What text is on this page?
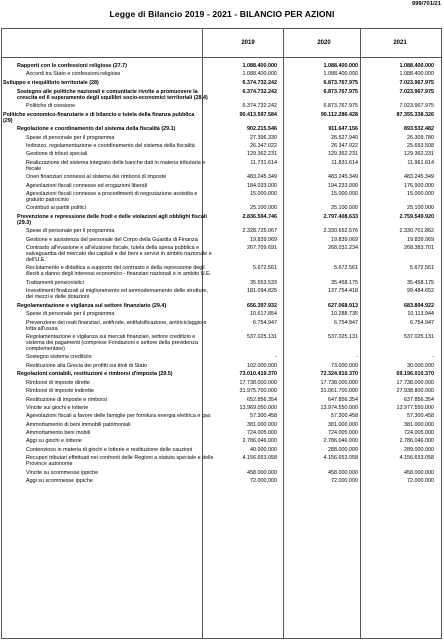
999/701/21
Legge di Bilancio 2019 - 2021 - BILANCIO PER AZIONI
2019	2020	2021
Rapporti con le confessioni religiose (27.7)	1.088.400.000	1.088.400.000	1.088.400.000
Accordi tra Stato e confessioni religiose	1.088.400.000	1.088.400.000	1.088.400.000
Sviluppo e riequilibrio territoriale (28)	6.374.732.242	6.873.767.975	7.023.967.975
Sostegno alle politiche nazionali e comunitarie rivolte a promuovere la crescita ed il superamento degli squilibri socio-economici territoriali (28.4)
6.374.732.242	6.873.767.975	7.023.967.975
Politiche di coesione	6.374.732.242	6.873.767.975	7.023.967.975
Politiche economico-finanziarie e di bilancio e tutela della finanza pubblica (29)
90.413.597.584	90.112.286.428	87.355.338.326
Regolazione e coordinamento del sistema della fiscalità (29.1)	902.215.546	911.647.156	893.532.482
Spese di personale per il programma	27.396.330	26.527.940	26.309.780
Indirizzo, regolamentazione e coordinamento del sistema della fiscalità	26.347.022	26.347.022	25.653.508
Gestione di tributi speciali	129.362.231	129.362.231	129.362.231
Realizzazione del sistema integrato delle banche dati in materia tributaria e fiscale
11.731.614	11.831.614	11.961.614
Oneri finanziari connessi al sistema dei rimborsi di imposte	483.245.349	483.245.349	483.245.349
Agevolazioni fiscali connesse ed erogazioni liberali	184.033.000	194.233.000	176.900.000
Agevolazioni fiscali connesse a procedimenti di negoziazione assistita e gratuito patrocinio
15.000.000	15.000.000	15.000.000
Contributi ai partiti politici	25.100.000	25.100.000	25.100.000
Prevenzione e repressione delle frodi e delle violazioni agli obblighi fiscali (29.3)
2.836.594.746	2.797.408.633	2.759.549.920
Spese di personale per il programma	2.328.725.067	2.330.652.576	2.330.701.862
Gestione e assistenza del personale del Corpo della Guardia di Finanza	19.839.069	19.839.069	19.839.069
Contrasto all'evasione e all'elusione fiscale, tutela della spesa pubblica e salvaguardia del mercato dei capitali e dei beni e servizi in ambito nazionale e dell'U.E.
267.709.691	268.031.234	268.383.701
Reclutamento e didattica a supporto del contrasto e della repressione degli illeciti a danno degli interessi economico - finanziari nazionali e in ambito U.E.
5.672.561	5.672.561	5.672.561
Trattamenti pensionistici	35.553.533	35.458.175	35.458.175
Investimenti finalizzati al miglioramento ed ammodernamento delle strutture, dei mezzi e delle dotazioni
181.094.825	137.754.418	99.484.652
Regolamentazione e vigilanza sul settore finanziario (29.4)	656.397.932	627.068.913	683.894.922
Spese di personale per il programma	10.617.854	10.288.735	10.113.944
Prevenzione dei reati finanziari, antifrode, antifalsificazione, antiriciclaggio e lotta all'usura
6.754.947	6.754.947	6.754.947
Regolamentazione e vigilanza sui mercati finanziari, settore creditizio e sistema dei pagamenti (comprese Fondazioni e settore della previdenza complementare)
537.025.131	537.025.131	537.025.131
Sostegno sistema creditizio	-	-	-
Restituzione alla Grecia dei profitti sui titoli di Stato	102.000.000	73.000.000	30.000.000
Regolazioni contabili, restituzioni e rimborsi d'imposta (29.5)	73.010.419.370	72.324.910.370	69.196.010.370
Rimborsi di imposte dirette	17.738.000.000	17.738.000.000	17.738.000.000
Rimborsi di imposte indirette	31.975.700.000	31.061.700.000	27.938.800.000
Restituzione di imposte e rimborsi	652.856.354	647.856.354	637.856.354
Vincite sui giochi e lotterie	13.969.050.000	13.974.550.000	13.977.550.000
Agevolazioni fiscali a favore delle famiglie per fornitura energia elettrica e gas	57.300.458	57.300.458	57.300.458
Ammortamento di beni immobili patrimoniali	381.000.000	381.000.000	381.000.000
Ammortamento beni mobili	724.005.000	724.005.000	724.005.000
Aggi su giochi e lotterie	2.786.046.000	2.786.046.000	2.786.046.000
Contenzioso in materia di giochi e lotterie e restituzione delle cauzioni	40.000.000	288.000.000	289.000.000
Recuperi tributari effettuati nei confronti delle Regioni a statuto speciale e delle Province autonome
4.156.653.058	4.156.653.058	4.156.653.058
Vincite su scommesse ippiche	458.000.000	458.000.000	458.000.000
Aggi su scommesse ippiche	72.000.000	72.000.000	72.000.000
